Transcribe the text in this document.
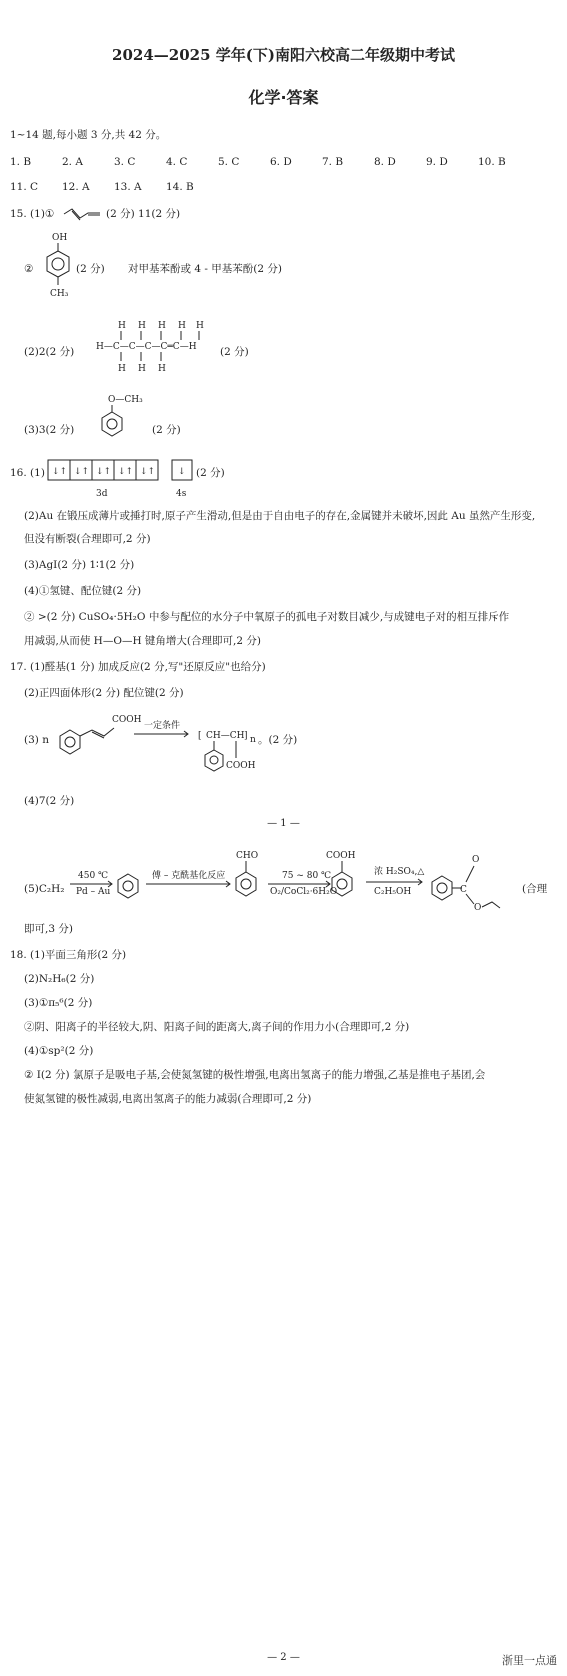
2024—2025 学年(下)南阳六校高二年级期中考试
化学·答案
1~14 题,每小题 3 分,共 42 分。
1. B	2. A	3. C	4. C	5. C	6. D	7. B	8. D	9. D	10. B
11. C 12. A 13. A 14. B
15. (1)①	(2 分) 11(2 分)
OH
CH₃
②	(2 分) 对甲基苯酚或 4 - 甲基苯酚(2 分)
(2)2(2 分)
H H H H H
H—C—C—C—C═C—H
H H H
(2 分)
(3)3(2 分)
O—CH₃
(2 分)
16. (1) ↓↑ ↓↑ ↓↑ ↓↑ ↓↑	↓
3d	4s
(2 分)
(2)Au 在锻压成薄片或捶打时,原子产生滑动,但是由于自由电子的存在,金属键并未破坏,因此 Au 虽然产生形变,
但没有断裂(合理即可,2 分)
(3)AgI(2 分) 1∶1(2 分)
(4)①氢键、配位键(2 分)
② >(2 分) CuSO₄·5H₂O 中参与配位的水分子中氧原子的孤电子对数目减少,与成键电子对的相互排斥作
用减弱,从而使 H—O—H 键角增大(合理即可,2 分)
17. (1)醛基(1 分) 加成反应(2 分,写"还原反应"也给分)
(2)正四面体形(2 分) 配位键(2 分)
(3) n
COOH
一定条件
[ CH—CH ] n
COOH
。(2 分)
(4)7(2 分)
— 1 —
(5)C₂H₂
450 ℃
Pd – Au
傅 – 克酰基化反应
CHO
75 ~ 80 ℃
O₂/CoCl₂·6H₂O
COOH
浓 H₂SO₄,△
C₂H₅OH	C
O
O
(合理
即可,3 分)
18. (1)平面三角形(2 分)
(2)N₂H₆(2 分)
(3)①π₅⁶(2 分)
②阴、阳离子的半径较大,阴、阳离子间的距离大,离子间的作用力小(合理即可,2 分)
(4)①sp²(2 分)
② Ⅰ(2 分) 氯原子是吸电子基,会使氮氢键的极性增强,电离出氢离子的能力增强,乙基是推电子基团,会
使氮氢键的极性减弱,电离出氢离子的能力减弱(合理即可,2 分)
— 2 —	浙里一点通
